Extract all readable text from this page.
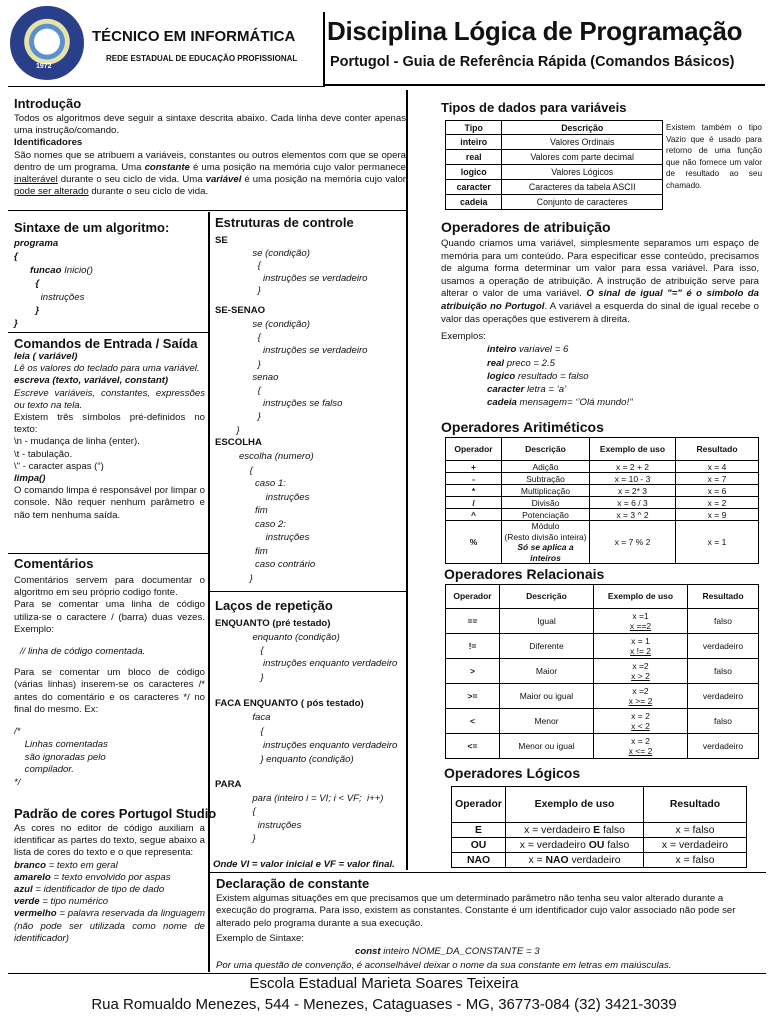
1972
TÉCNICO EM INFORMÁTICA
REDE ESTADUAL DE EDUCAÇÃO PROFISSIONAL
Disciplina Lógica de Programação
Portugol - Guia de Referência Rápida (Comandos Básicos)
Introdução
Todos os algoritmos deve seguir a sintaxe descrita abaixo. Cada linha deve conter apenas uma instrução/comando.
Identificadores
São nomes que se atribuem a variáveis, constantes ou outros elementos com que se opera dentro de um programa. Uma constante é uma posição na memória cujo valor permanece inalterável durante o seu ciclo de vida. Uma variável é uma posição na memória cujo valor pode ser alterado durante o seu ciclo de vida.
Sintaxe de um algoritmo:
programa
{
funcao Inicio()
{
instruções
}
}
Comandos de Entrada / Saída
leia ( variável)
Lê os valores do teclado para uma variável.
escreva (texto, variável, constant)
Escreve variáveis, constantes, expressões ou texto na tela.
Existem três símbolos pré-definidos no texto:
\n - mudança de linha (enter).
\t - tabulação.
\" - caracter aspas (“)
limpa()
O comando limpa é responsável por limpar o console. Não requer nenhum parâmetro e não tem nenhuma saída.
Comentários
Comentários servem para documentar o algoritmo em seu próprio codigo fonte.
Para se comentar uma linha de código utiliza-se o caractere / (barra) duas vezes. Exemplo:
// linha de código comentada.
Para se comentar um bloco de código (várias linhas) inserem-se os caracteres /* antes do comentário e os caracteres */ no final do mesmo. Ex:
/*
Linhas comentadas
são ignoradas pelo
compilador.
*/
Padrão de cores Portugol Studio
As cores no editor de código auxiliam a identificar as partes do texto, segue abaixo a lista de cores do texto e o que representa:
branco = texto em geral
amarelo = texto envolvido por aspas
azul = identificador de tipo de dado
verde = tipo numérico
vermelho = palavra reservada da linguagem (não pode ser utilizada como nome de identificador)
Estruturas de controle
SE
se (condição)
{
instruções se verdadeiro
}
SE-SENAO
se (condição)
{
instruções se verdadeiro
}
senao
{
instruções se falso
}
}
ESCOLHA
escolha (numero)
{
caso 1:
instruções
fim
caso 2:
instruções
fim
caso contrário
}
Laços de repetição
ENQUANTO (pré testado)
enquanto (condição)
{
instruções enquanto verdadeiro
}
FACA ENQUANTO ( pós testado)
faca
{
instruções enquanto verdadeiro
} enquanto (condição)
PARA
para (inteiro i = VI; i < VF;  i++)
{
instruções
}
Onde VI = valor inicial e VF = valor final.
Tipos de dados para variáveis
Tipo	Descrição
inteiro	Valores Ordinais
real	Valores com parte decimal
logico	Valores Lógicos
caracter	Caracteres da tabela ASCII
cadeia	Conjunto de caracteres
Existem também o tipo Vazio que é usado para retorno de uma função que não fornece um valor de resultado ao seu chamado.
Operadores de atribuição
Quando criamos uma variável, simplesmente separamos um espaço de memória para um conteúdo. Para especificar esse conteúdo, precisamos de alguma forma determinar um valor para essa variável. Para isso, usamos a operação de atribuição. A instrução de atribuição serve para alterar o valor de uma variável. O sinal de igual "=" é o símbolo da atribuição no Portugol. A variável a esquerda do sinal de igual recebe o valor das operações que estiverem à direita.
Exemplos:
inteiro variavel = 6
real preco = 2.5
logico resultado = falso
caracter letra = ‘a’
cadeia mensagem= ‘’Olá mundo!’’
Operadores Aritiméticos
Operador	Descrição	Exemplo de uso	Resultado
+	Adição	x = 2 + 2	x = 4
-	Subtração	x = 10 - 3	x = 7
*	Multiplicação	x = 2* 3	x = 6
/	Divisão	x = 6 / 3	x = 2
^	Potenciação	x = 3 ^ 2	x = 9
%	Módulo
(Resto divisão inteira)
Só se aplica a inteiros	x = 7 % 2	x = 1
Operadores Relacionais
Operador	Descrição	Exemplo de uso	Resultado
==	Igual	x =1
x ==2	falso
!=	Diferente	x = 1
x != 2	verdadeiro
>	Maior	x =2
x > 2	falso
>=	Maior ou igual	x =2
x >= 2	verdadeiro
<	Menor	x = 2
x < 2	falso
<=	Menor ou igual	x = 2
x <= 2	verdadeiro
Operadores Lógicos
Operador	Exemplo de uso	Resultado
E	x = verdadeiro E falso	x = falso
OU	x = verdadeiro OU falso	x = verdadeiro
NAO	x = NAO verdadeiro	x = falso
Declaração de constante
Existem algumas situações em que precisamos que um determinado parâmetro não tenha seu valor alterado durante a execução do programa. Para isso, existem as constantes. Constante é um identificador cujo valor associado não pode ser alterado pelo programa durante a sua execução.
Exemplo de Sintaxe:
const inteiro NOME_DA_CONSTANTE = 3
Por uma questão de convenção, é aconselhável deixar o nome da sua constante em letras em maiúsculas.
Escola Estadual Marieta Soares Teixeira
Rua Romualdo Menezes, 544 - Menezes, Cataguases - MG, 36773-084 (32) 3421-3039
